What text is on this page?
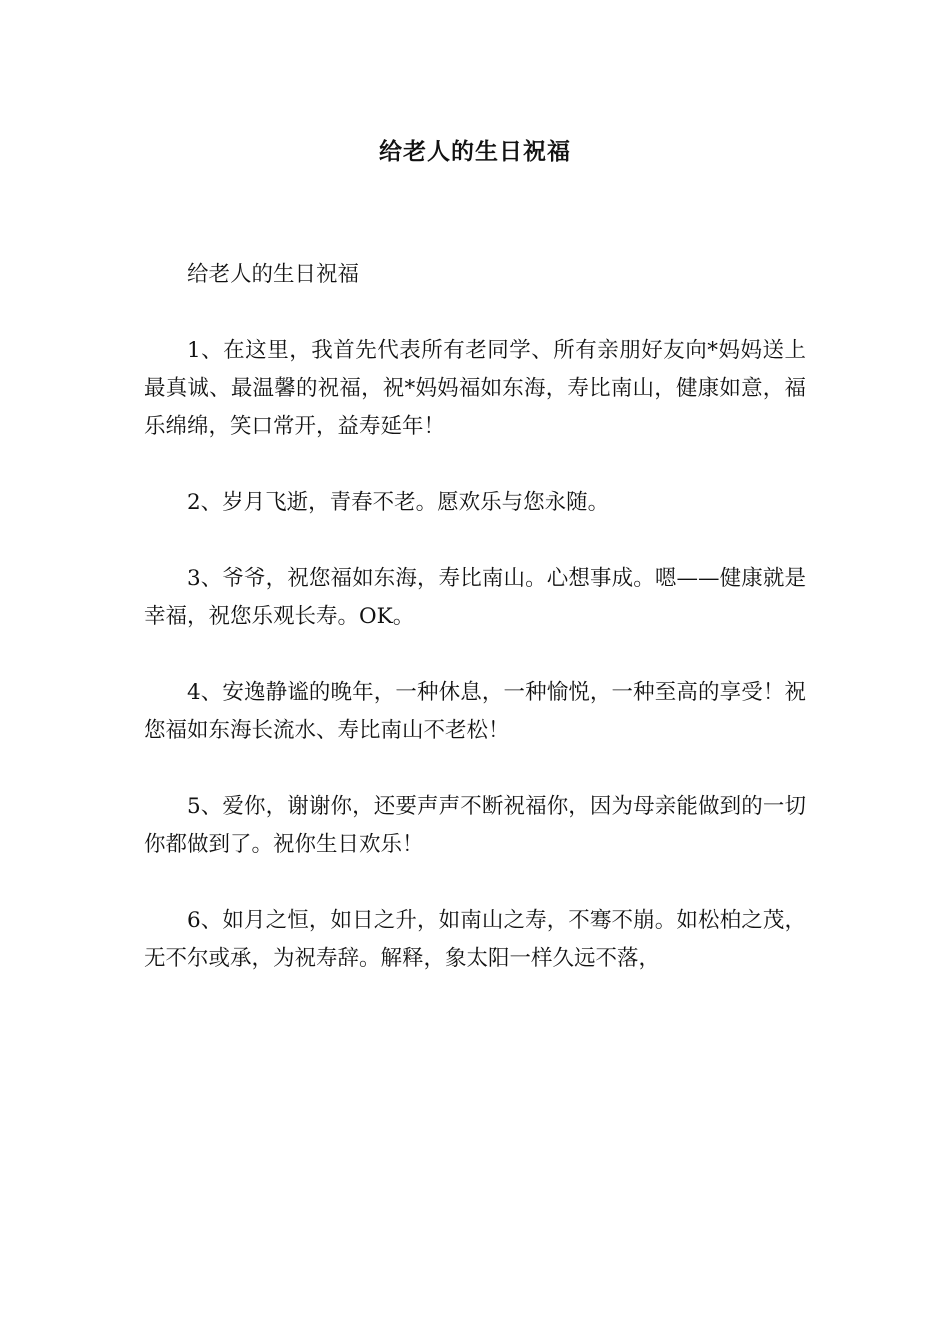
给老人的生日祝福

给老人的生日祝福

1、在这里，我首先代表所有老同学、所有亲朋好友向*妈妈送上最真诚、最温馨的祝福，祝*妈妈福如东海，寿比南山，健康如意，福乐绵绵，笑口常开，益寿延年！

2、岁月飞逝，青春不老。愿欢乐与您永随。

3、爷爷，祝您福如东海，寿比南山。心想事成。嗯——健康就是幸福，祝您乐观长寿。OK。

4、安逸静谧的晚年，一种休息，一种愉悦，一种至高的享受！祝您福如东海长流水、寿比南山不老松！

5、爱你，谢谢你，还要声声不断祝福你，因为母亲能做到的一切你都做到了。祝你生日欢乐！

6、如月之恒，如日之升，如南山之寿，不骞不崩。如松柏之茂，无不尔或承，为祝寿辞。解释，象太阳一样久远不落，
